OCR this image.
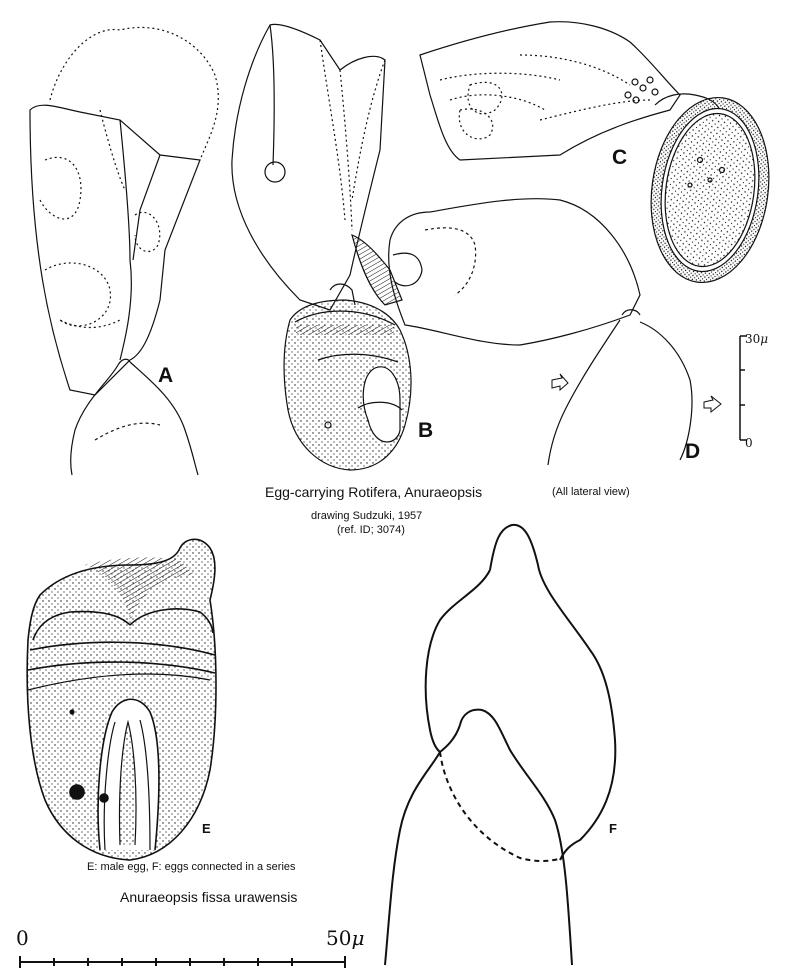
A
B
C
D
E	F
Egg-carrying Rotifera, Anuraeopsis	(All lateral view)
drawing Sudzuki, 1957
(ref. ID; 3074)
E: male egg, F: eggs connected in a series
Anuraeopsis fissa urawensis
30μ
0
0	50μ
